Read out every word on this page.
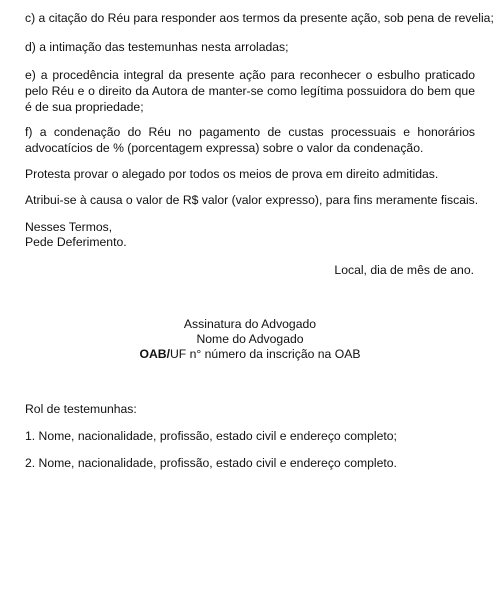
c) a citação do Réu para responder aos termos da presente ação, sob pena de revelia;

d) a intimação das testemunhas nesta arroladas;

e) a procedência integral da presente ação para reconhecer o esbulho praticado pelo Réu e o direito da Autora de manter-se como legítima possuidora do bem que é de sua propriedade;

f) a condenação do Réu no pagamento de custas processuais e honorários advocatícios de % (porcentagem expressa) sobre o valor da condenação.

Protesta provar o alegado por todos os meios de prova em direito admitidas.

Atribui-se à causa o valor de R$ valor (valor expresso), para fins meramente fiscais.

Nesses Termos,

Pede Deferimento.

Local, dia de mês de ano.

Assinatura do Advogado

Nome do Advogado

OAB/UF n° número da inscrição na OAB

Rol de testemunhas:

1. Nome, nacionalidade, profissão, estado civil e endereço completo;

2. Nome, nacionalidade, profissão, estado civil e endereço completo.
